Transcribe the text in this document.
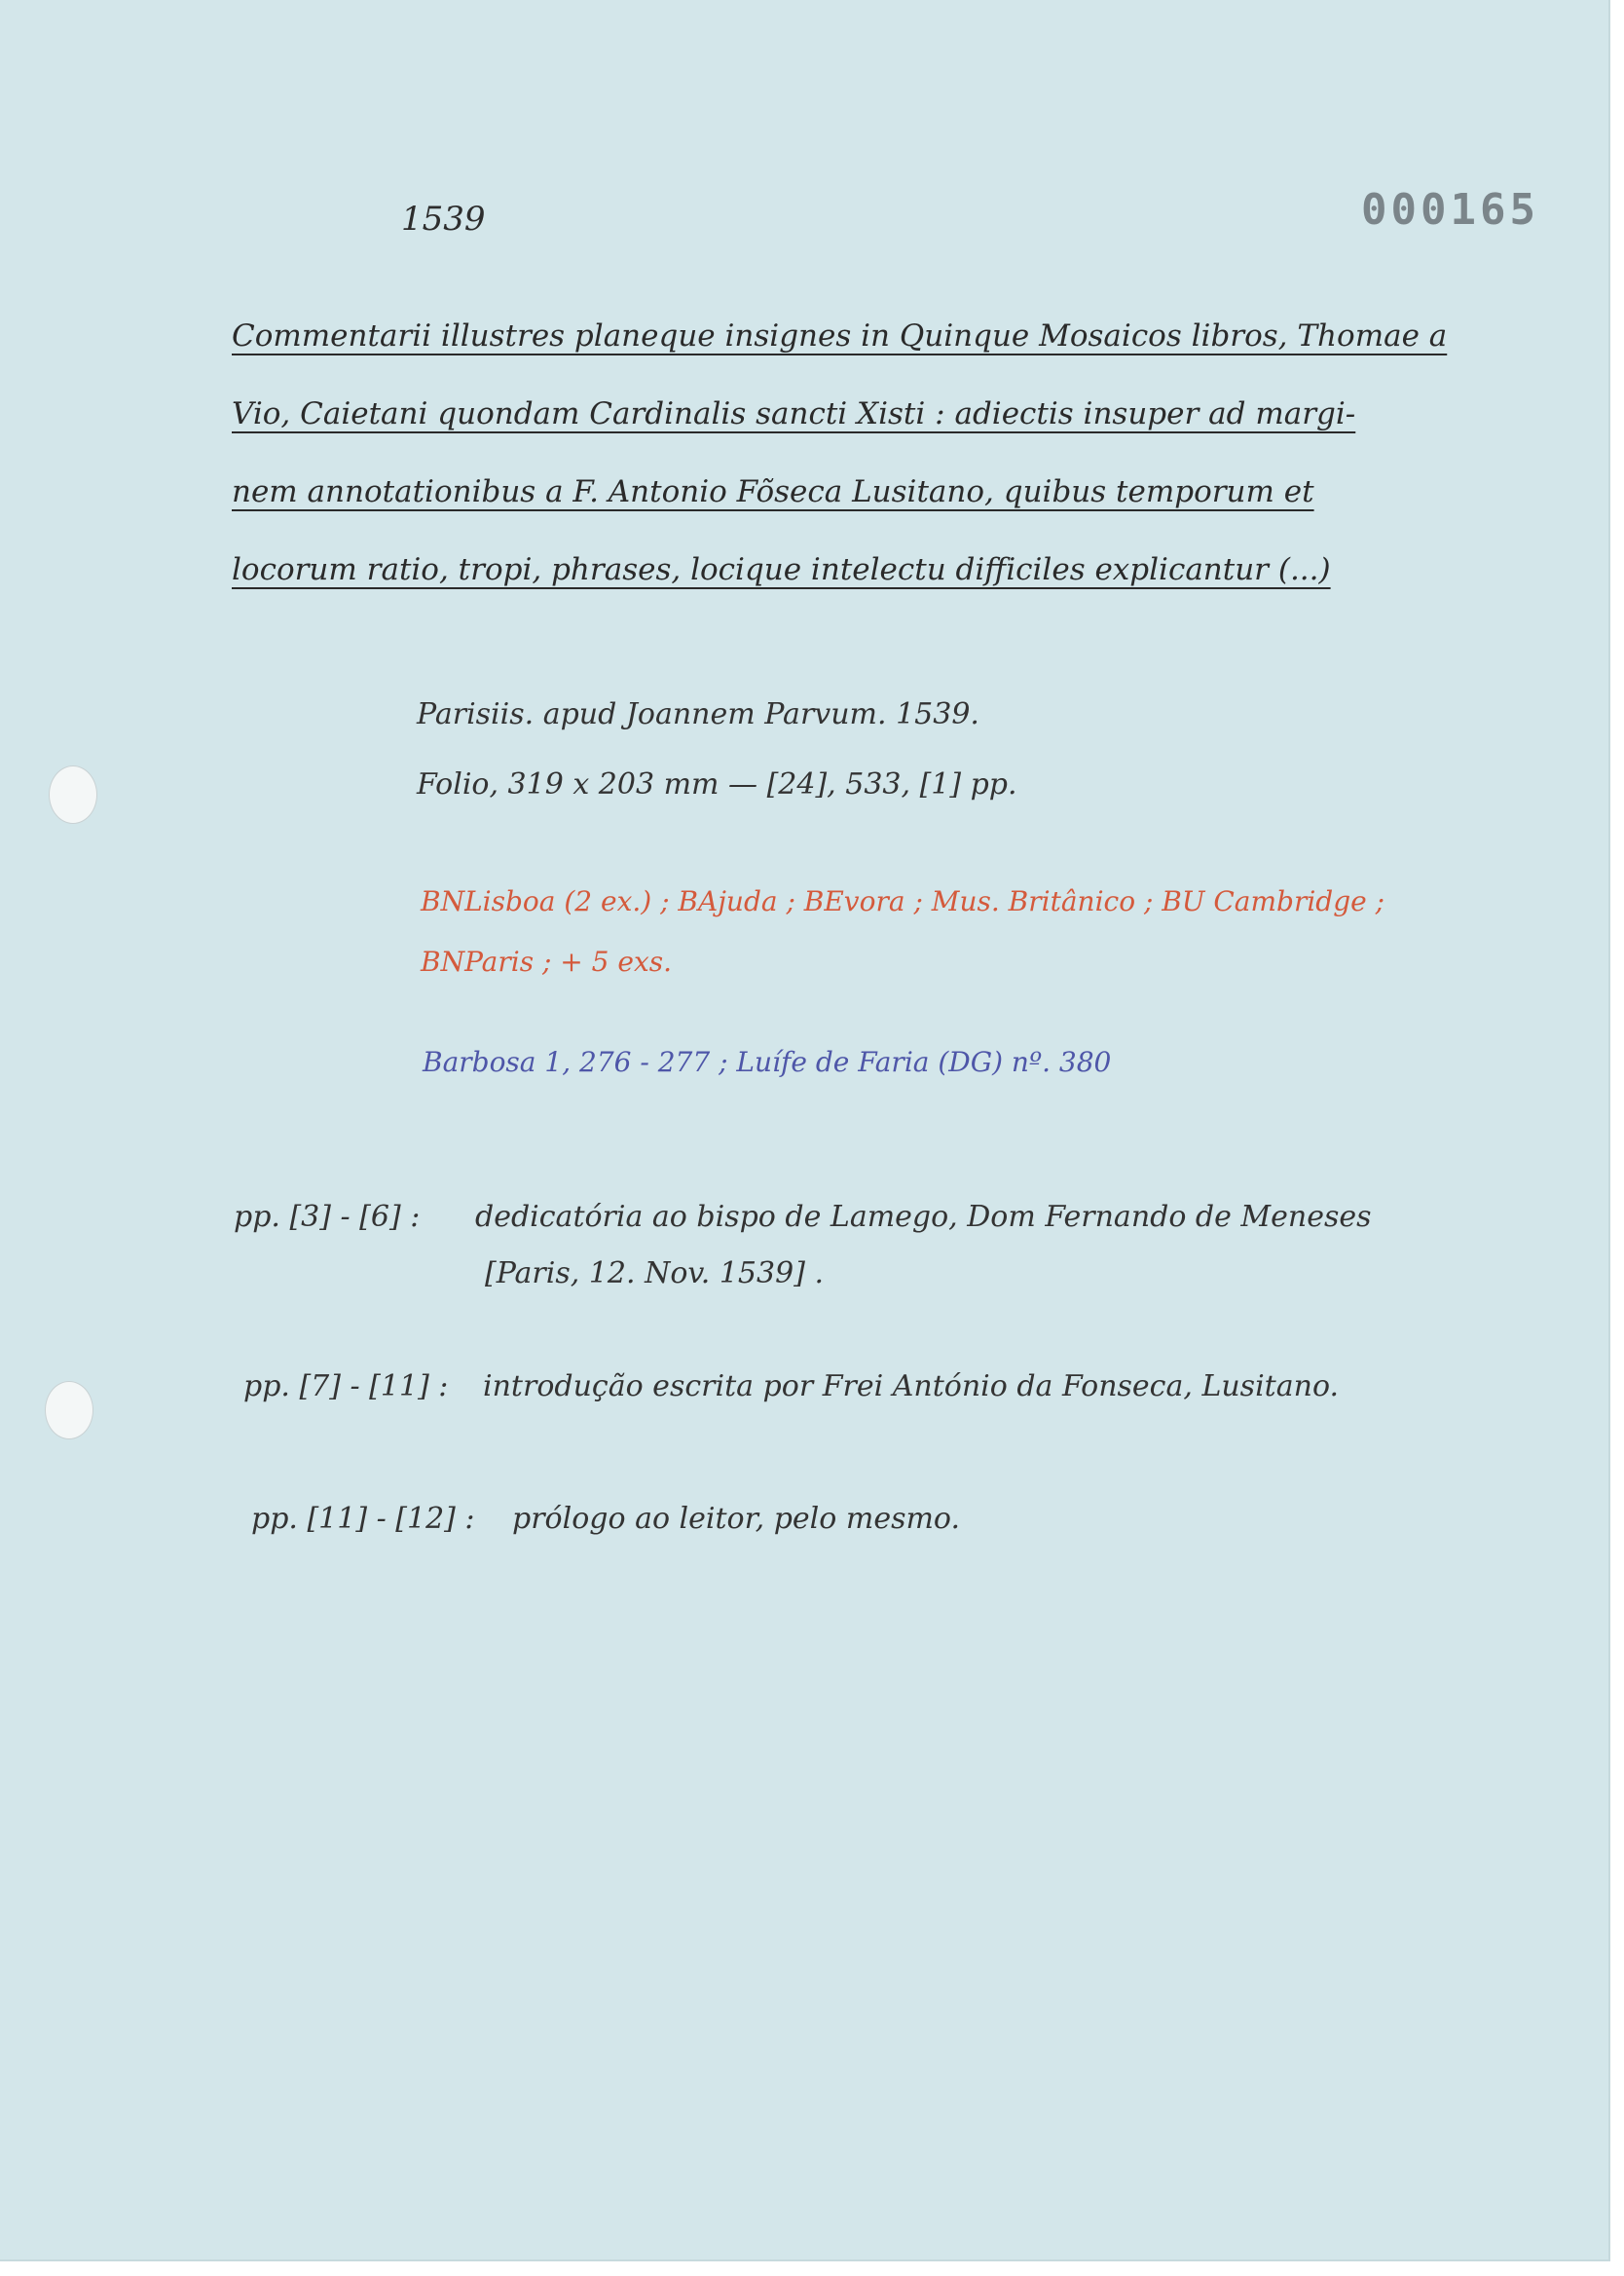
1539	000165
Commentarii illustres planeque insignes in Quinque Mosaicos libros, Thomae a
Vio, Caietani quondam Cardinalis sancti Xisti : adiectis insuper ad margi-
nem annotationibus a F. Antonio Fõseca Lusitano, quibus temporum et
locorum ratio, tropi, phrases, locique intelectu difficiles explicantur (...)
Parisiis. apud Joannem Parvum. 1539.
Folio, 319 x 203 mm — [24], 533, [1] pp.
BNLisboa (2 ex.) ; BAjuda ; BEvora ; Mus. Britânico ; BU Cambridge ;
BNParis ; + 5 exs.
Barbosa 1, 276 - 277 ; Luífe de Faria (DG) nº. 380
pp. [3] - [6] : dedicatória ao bispo de Lamego, Dom Fernando de Meneses
[Paris, 12. Nov. 1539] .
pp. [7] - [11] : introdução escrita por Frei António da Fonseca, Lusitano.
pp. [11] - [12] : prólogo ao leitor, pelo mesmo.
